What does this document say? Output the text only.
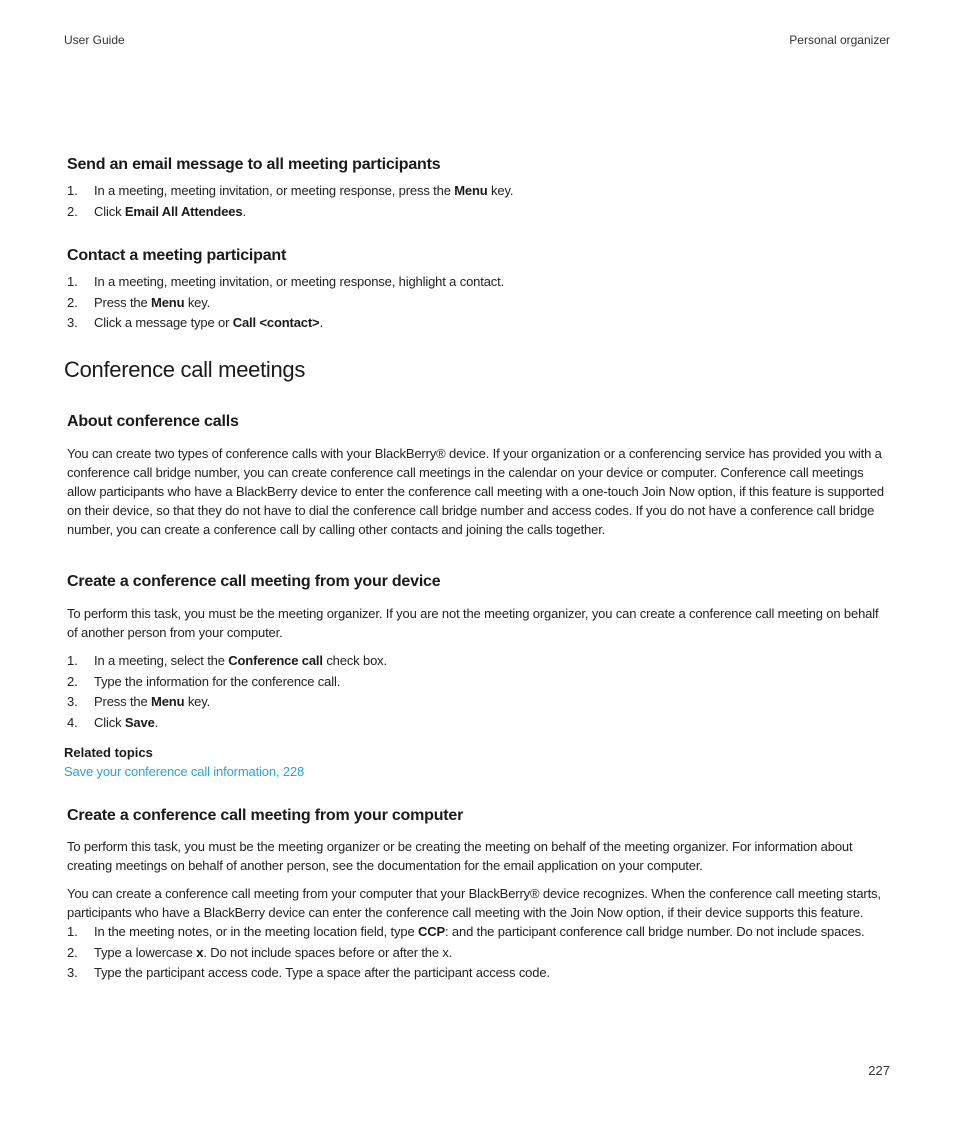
User Guide	Personal organizer
Send an email message to all meeting participants
1. In a meeting, meeting invitation, or meeting response, press the Menu key.
2. Click Email All Attendees.
Contact a meeting participant
1. In a meeting, meeting invitation, or meeting response, highlight a contact.
2. Press the Menu key.
3. Click a message type or Call <contact>.
Conference call meetings
About conference calls

You can create two types of conference calls with your BlackBerry® device. If your organization or a conferencing service has provided you with a conference call bridge number, you can create conference call meetings in the calendar on your device or computer. Conference call meetings allow participants who have a BlackBerry device to enter the conference call meeting with a one-touch Join Now option, if this feature is supported on their device, so that they do not have to dial the conference call bridge number and access codes. If you do not have a conference call bridge number, you can create a conference call by calling other contacts and joining the calls together.

Create a conference call meeting from your device

To perform this task, you must be the meeting organizer. If you are not the meeting organizer, you can create a conference call meeting on behalf of another person from your computer.

1. In a meeting, select the Conference call check box.
2. Type the information for the conference call.
3. Press the Menu key.
4. Click Save.
Related topics
Save your conference call information, 228
Create a conference call meeting from your computer

To perform this task, you must be the meeting organizer or be creating the meeting on behalf of the meeting organizer. For information about creating meetings on behalf of another person, see the documentation for the email application on your computer.

You can create a conference call meeting from your computer that your BlackBerry® device recognizes. When the conference call meeting starts, participants who have a BlackBerry device can enter the conference call meeting with the Join Now option, if their device supports this feature.

1. In the meeting notes, or in the meeting location field, type CCP: and the participant conference call bridge number. Do not include spaces.
2. Type a lowercase x. Do not include spaces before or after the x.
3. Type the participant access code. Type a space after the participant access code.
227
